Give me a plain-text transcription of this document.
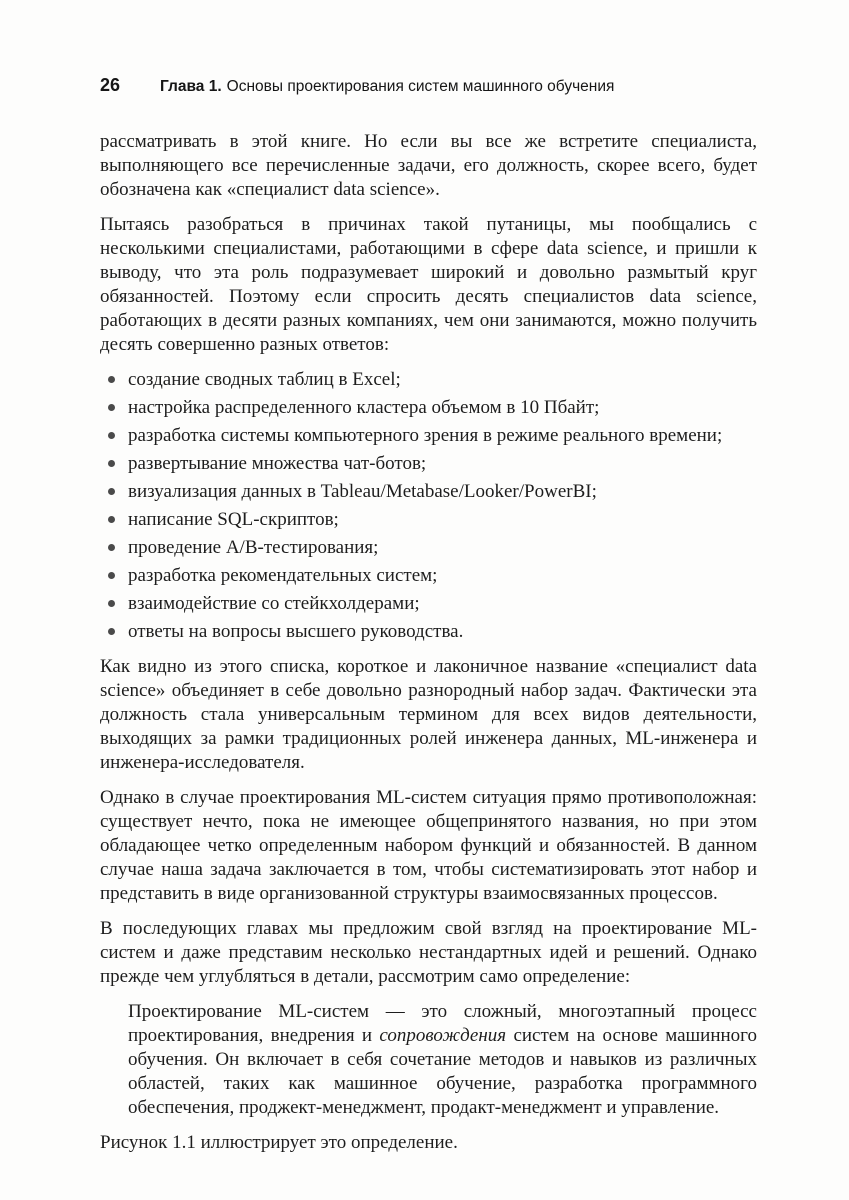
26	Глава 1. Основы проектирования систем машинного обучения

рассматривать в этой книге. Но если вы все же встретите специалиста, выполняющего все перечисленные задачи, его должность, скорее всего, будет обозначена как «специалист data science».

Пытаясь разобраться в причинах такой путаницы, мы пообщались с несколькими специалистами, работающими в сфере data science, и пришли к выводу, что эта роль подразумевает широкий и довольно размытый круг обязанностей. Поэтому если спросить десять специалистов data science, работающих в десяти разных компаниях, чем они занимаются, можно получить десять совершенно разных ответов:

создание сводных таблиц в Excel;
настройка распределенного кластера объемом в 10 Пбайт;
разработка системы компьютерного зрения в режиме реального времени;
развертывание множества чат-ботов;
визуализация данных в Tableau/Metabase/Looker/PowerBI;
написание SQL-скриптов;
проведение A/B-тестирования;
разработка рекомендательных систем;
взаимодействие со стейкхолдерами;
ответы на вопросы высшего руководства.

Как видно из этого списка, короткое и лаконичное название «специалист data science» объединяет в себе довольно разнородный набор задач. Фактически эта должность стала универсальным термином для всех видов деятельности, выходящих за рамки традиционных ролей инженера данных, ML-инженера и инженера-исследователя.

Однако в случае проектирования ML-систем ситуация прямо противоположная: существует нечто, пока не имеющее общепринятого названия, но при этом обладающее четко определенным набором функций и обязанностей. В данном случае наша задача заключается в том, чтобы систематизировать этот набор и представить в виде организованной структуры взаимосвязанных процессов.

В последующих главах мы предложим свой взгляд на проектирование ML-систем и даже представим несколько нестандартных идей и решений. Однако прежде чем углубляться в детали, рассмотрим само определение:

Проектирование ML-систем — это сложный, многоэтапный процесс проектирования, внедрения и сопровождения систем на основе машинного обучения. Он включает в себя сочетание методов и навыков из различных областей, таких как машинное обучение, разработка программного обеспечения, проджект-менеджмент, продакт-менеджмент и управление.

Рисунок 1.1 иллюстрирует это определение.
